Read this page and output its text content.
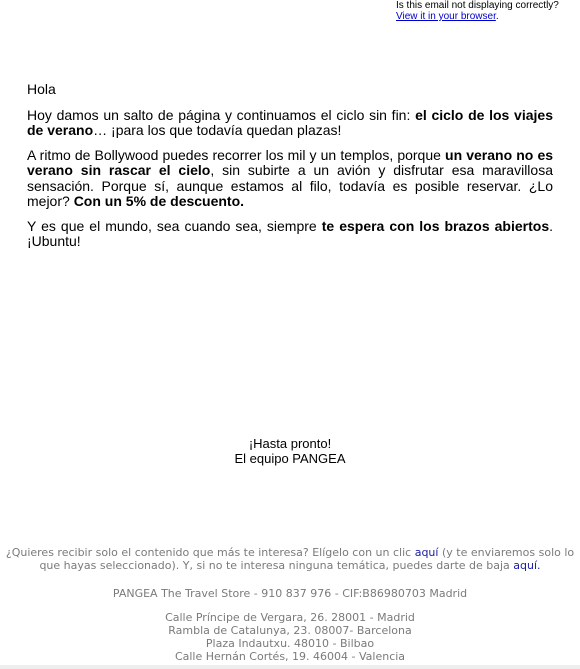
Is this email not displaying correctly?
View it in your browser.

Hola

Hoy damos un salto de página y continuamos el ciclo sin fin: el ciclo de los viajes de verano… ¡para los que todavía quedan plazas!

A ritmo de Bollywood puedes recorrer los mil y un templos, porque un verano no es verano sin rascar el cielo, sin subirte a un avión y disfrutar esa maravillosa sensación. Porque sí, aunque estamos al filo, todavía es posible reservar. ¿Lo mejor? Con un 5% de descuento.

Y es que el mundo, sea cuando sea, siempre te espera con los brazos abiertos. ¡Ubuntu!

¡Hasta pronto!
El equipo PANGEA

¿Quieres recibir solo el contenido que más te interesa? Elígelo con un clic aquí (y te enviaremos solo lo que hayas seleccionado). Y, si no te interesa ninguna temática, puedes darte de baja aquí.

PANGEA The Travel Store - 910 837 976 - CIF:B86980703 Madrid

Calle Príncipe de Vergara, 26. 28001 - Madrid

Rambla de Catalunya, 23. 08007- Barcelona

Plaza Indautxu. 48010 - Bilbao

Calle Hernán Cortés, 19. 46004 - Valencia
